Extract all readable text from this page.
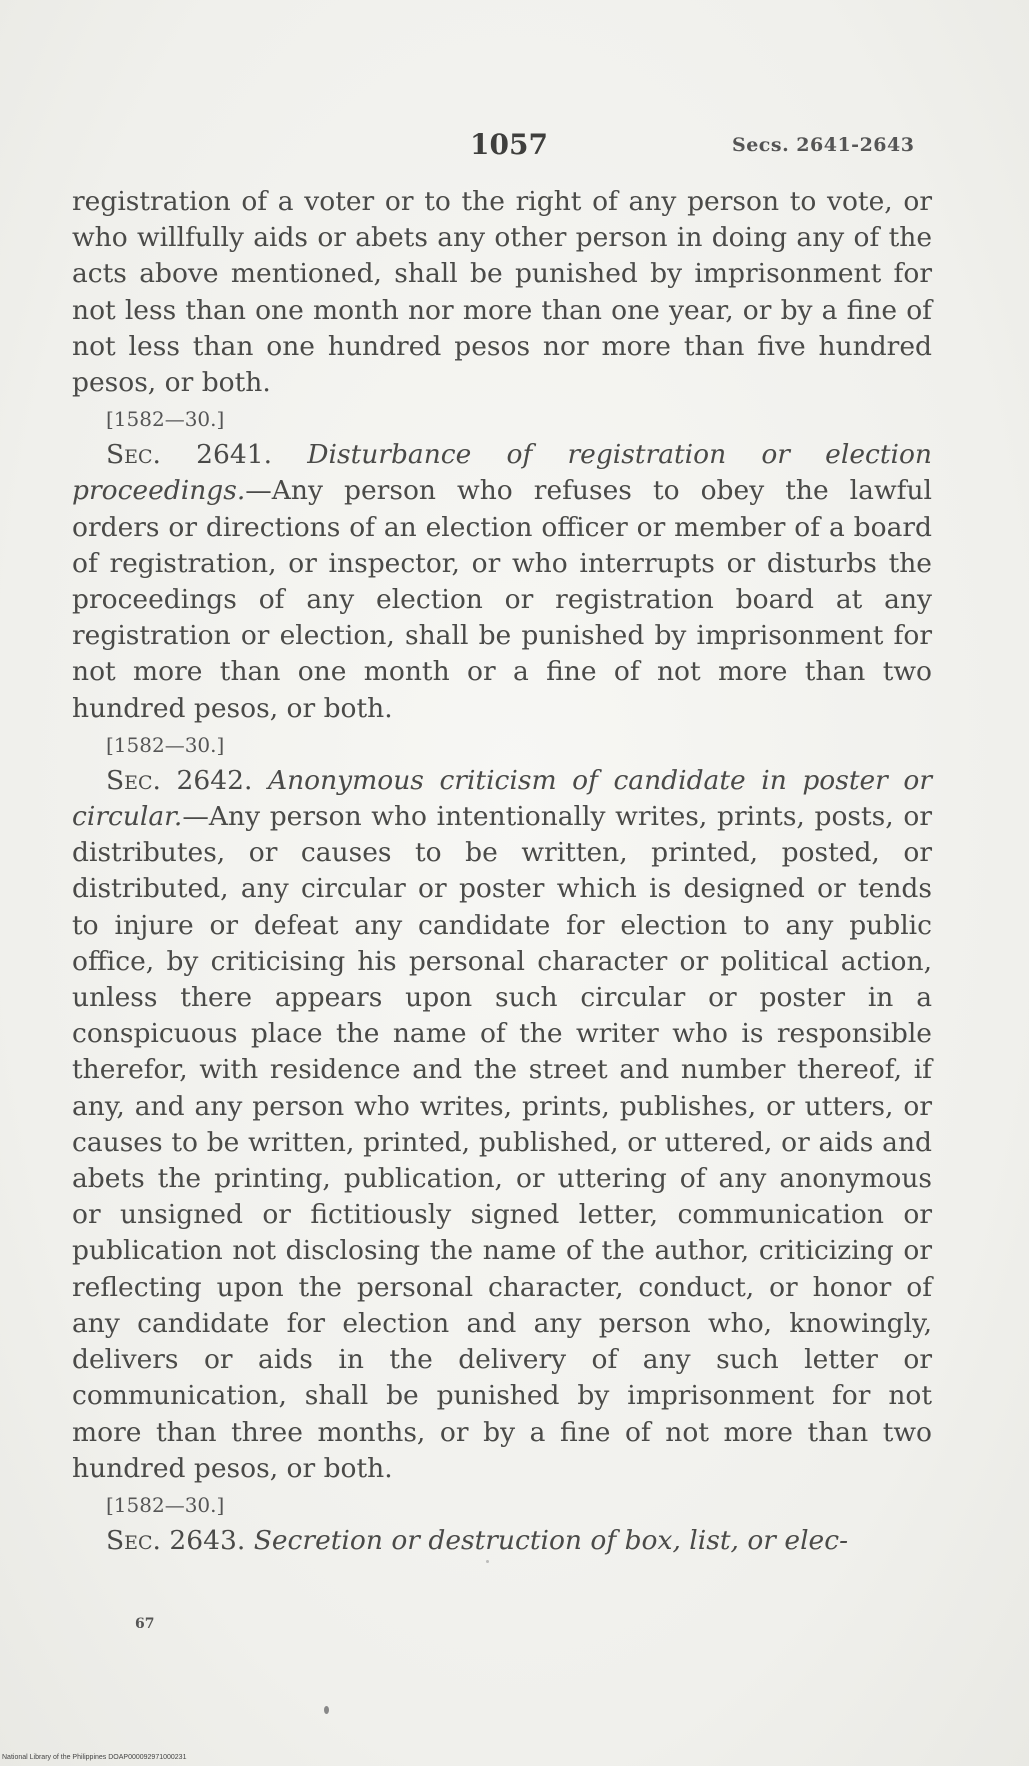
1057	Secs. 2641-2643

registration of a voter or to the right of any person to vote, or who willfully aids or abets any other person in doing any of the acts above mentioned, shall be punished by imprisonment for not less than one month nor more than one year, or by a fine of not less than one hundred pesos nor more than five hundred pesos, or both.

[1582—30.]

Sec. 2641. Disturbance of registration or election proceedings.—Any person who refuses to obey the lawful orders or directions of an election officer or member of a board of registration, or inspector, or who interrupts or disturbs the proceedings of any election or registration board at any registration or election, shall be punished by imprisonment for not more than one month or a fine of not more than two hundred pesos, or both.

[1582—30.]

Sec. 2642. Anonymous criticism of candidate in poster or circular.—Any person who intentionally writes, prints, posts, or distributes, or causes to be written, printed, posted, or distributed, any circular or poster which is designed or tends to injure or defeat any candidate for election to any public office, by criticising his personal character or political action, unless there appears upon such circular or poster in a conspicuous place the name of the writer who is responsible therefor, with residence and the street and number thereof, if any, and any person who writes, prints, publishes, or utters, or causes to be written, printed, published, or uttered, or aids and abets the printing, publication, or uttering of any anonymous or unsigned or fictitiously signed letter, communication or publication not disclosing the name of the author, criticizing or reflecting upon the personal character, conduct, or honor of any candidate for election and any person who, knowingly, delivers or aids in the delivery of any such letter or communication, shall be punished by imprisonment for not more than three months, or by a fine of not more than two hundred pesos, or both.

[1582—30.]

Sec. 2643. Secretion or destruction of box, list, or elec-

67
National Library of the Philippines DOAP000092971000231
